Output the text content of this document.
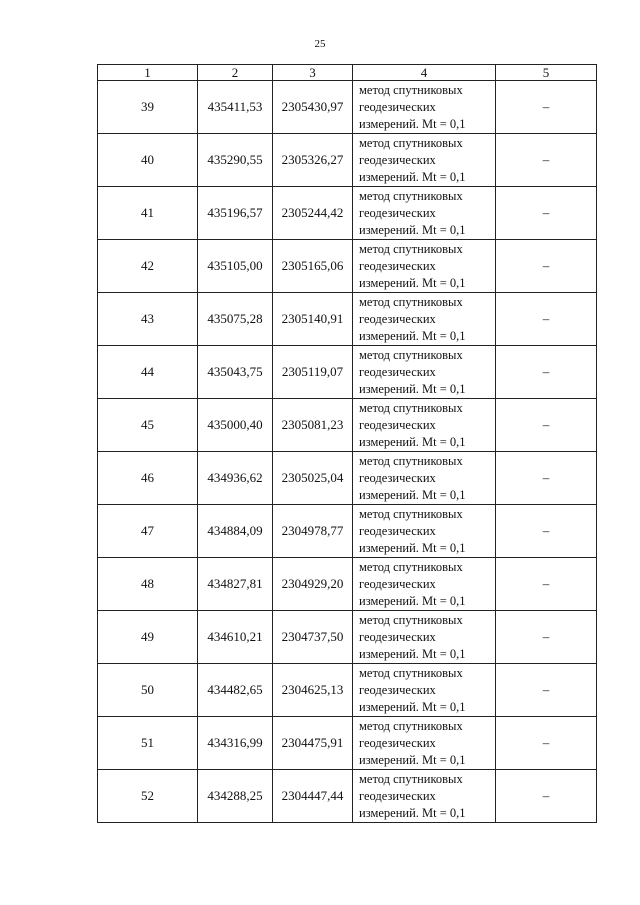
25
1	2	3	4	5
39	435411,53	2305430,97	метод спутниковых
геодезических
измерений. Mt = 0,1	–
40	435290,55	2305326,27	метод спутниковых
геодезических
измерений. Mt = 0,1	–
41	435196,57	2305244,42	метод спутниковых
геодезических
измерений. Mt = 0,1	–
42	435105,00	2305165,06	метод спутниковых
геодезических
измерений. Mt = 0,1	–
43	435075,28	2305140,91	метод спутниковых
геодезических
измерений. Mt = 0,1	–
44	435043,75	2305119,07	метод спутниковых
геодезических
измерений. Mt = 0,1	–
45	435000,40	2305081,23	метод спутниковых
геодезических
измерений. Mt = 0,1	–
46	434936,62	2305025,04	метод спутниковых
геодезических
измерений. Mt = 0,1	–
47	434884,09	2304978,77	метод спутниковых
геодезических
измерений. Mt = 0,1	–
48	434827,81	2304929,20	метод спутниковых
геодезических
измерений. Mt = 0,1	–
49	434610,21	2304737,50	метод спутниковых
геодезических
измерений. Mt = 0,1	–
50	434482,65	2304625,13	метод спутниковых
геодезических
измерений. Mt = 0,1	–
51	434316,99	2304475,91	метод спутниковых
геодезических
измерений. Mt = 0,1	–
52	434288,25	2304447,44	метод спутниковых
геодезических
измерений. Mt = 0,1	–
